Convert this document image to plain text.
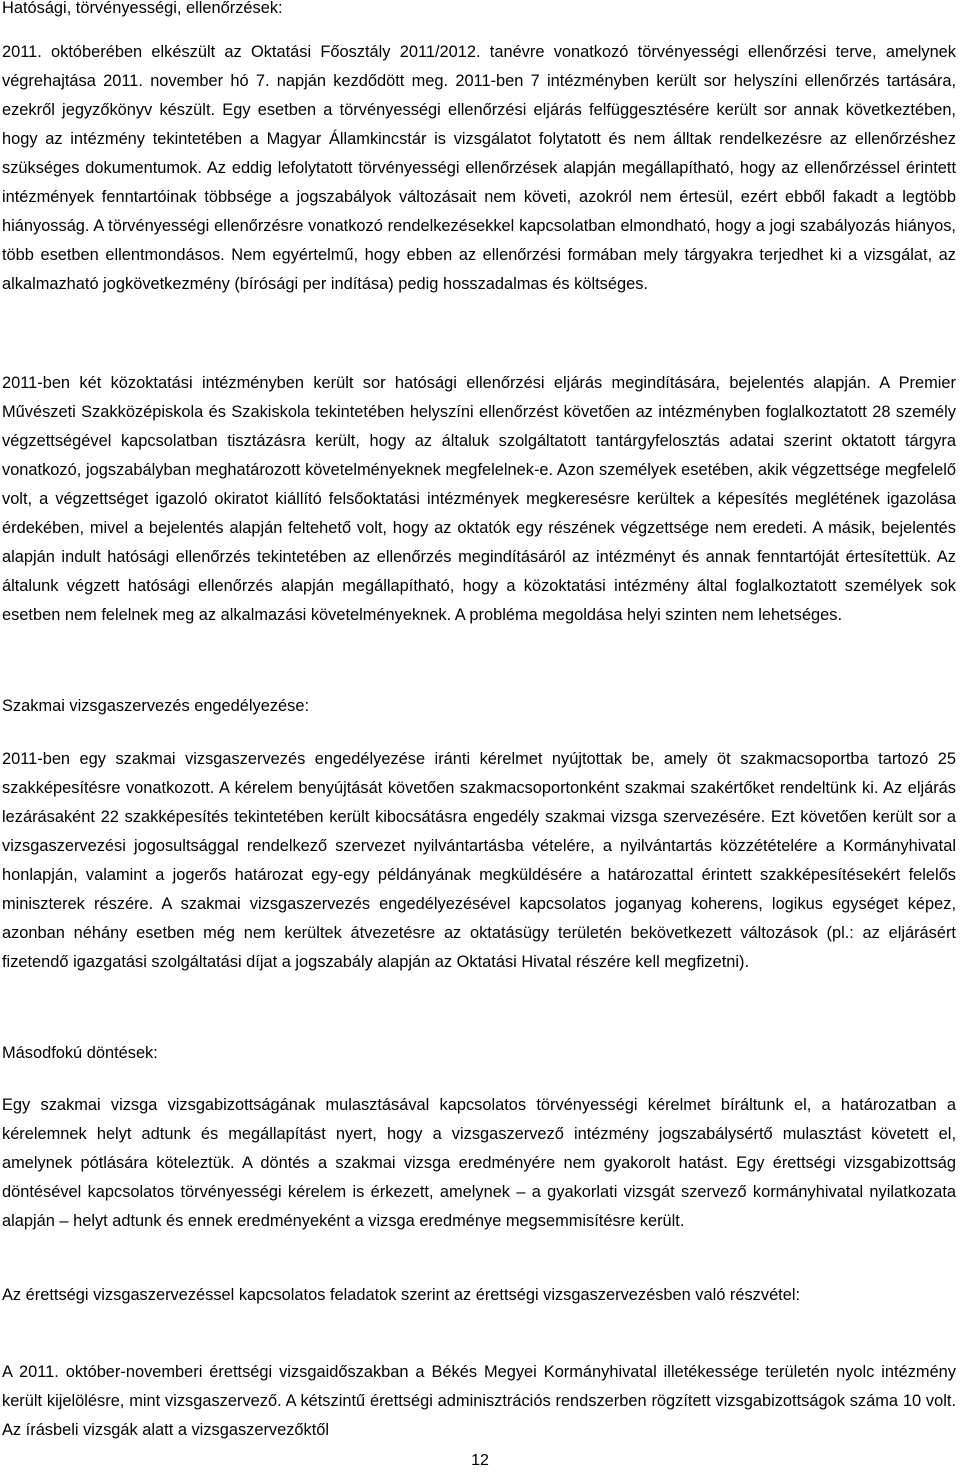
Hatósági, törvényességi, ellenőrzések:

2011. októberében elkészült az Oktatási Főosztály 2011/2012. tanévre vonatkozó törvényességi ellenőrzési terve, amelynek végrehajtása 2011. november hó 7. napján kezdődött meg. 2011-ben 7 intézményben került sor helyszíni ellenőrzés tartására, ezekről jegyzőkönyv készült. Egy esetben a törvényességi ellenőrzési eljárás felfüggesztésére került sor annak következtében, hogy az intézmény tekintetében a Magyar Államkincstár is vizsgálatot folytatott és nem álltak rendelkezésre az ellenőrzéshez szükséges dokumentumok. Az eddig lefolytatott törvényességi ellenőrzések alapján megállapítható, hogy az ellenőrzéssel érintett intézmények fenntartóinak többsége a jogszabályok változásait nem követi, azokról nem értesül, ezért ebből fakadt a legtöbb hiányosság. A törvényességi ellenőrzésre vonatkozó rendelkezésekkel kapcsolatban elmondható, hogy a jogi szabályozás hiányos, több esetben ellentmondásos. Nem egyértelmű, hogy ebben az ellenőrzési formában mely tárgyakra terjedhet ki a vizsgálat, az alkalmazható jogkövetkezmény (bírósági per indítása) pedig hosszadalmas és költséges.

2011-ben két közoktatási intézményben került sor hatósági ellenőrzési eljárás megindítására, bejelentés alapján. A Premier Művészeti Szakközépiskola és Szakiskola tekintetében helyszíni ellenőrzést követően az intézményben foglalkoztatott 28 személy végzettségével kapcsolatban tisztázásra került, hogy az általuk szolgáltatott tantárgyfelosztás adatai szerint oktatott tárgyra vonatkozó, jogszabályban meghatározott követelményeknek megfelelnek-e. Azon személyek esetében, akik végzettsége megfelelő volt, a végzettséget igazoló okiratot kiállító felsőoktatási intézmények megkeresésre kerültek a képesítés meglétének igazolása érdekében, mivel a bejelentés alapján feltehető volt, hogy az oktatók egy részének végzettsége nem eredeti. A másik, bejelentés alapján indult hatósági ellenőrzés tekintetében az ellenőrzés megindításáról az intézményt és annak fenntartóját értesítettük. Az általunk végzett hatósági ellenőrzés alapján megállapítható, hogy a közoktatási intézmény által foglalkoztatott személyek sok esetben nem felelnek meg az alkalmazási követelményeknek. A probléma megoldása helyi szinten nem lehetséges.

Szakmai vizsgaszervezés engedélyezése:

2011-ben egy szakmai vizsgaszervezés engedélyezése iránti kérelmet nyújtottak be, amely öt szakmacsoportba tartozó 25 szakképesítésre vonatkozott. A kérelem benyújtását követően szakmacsoportonként szakmai szakértőket rendeltünk ki. Az eljárás lezárásaként 22 szakképesítés tekintetében került kibocsátásra engedély szakmai vizsga szervezésére. Ezt követően került sor a vizsgaszervezési jogosultsággal rendelkező szervezet nyilvántartásba vételére, a nyilvántartás közzétételére a Kormányhivatal honlapján, valamint a jogerős határozat egy-egy példányának megküldésére a határozattal érintett szakképesítésekért felelős miniszterek részére. A szakmai vizsgaszervezés engedélyezésével kapcsolatos joganyag koherens, logikus egységet képez, azonban néhány esetben még nem kerültek átvezetésre az oktatásügy területén bekövetkezett változások (pl.: az eljárásért fizetendő igazgatási szolgáltatási díjat a jogszabály alapján az Oktatási Hivatal részére kell megfizetni).

Másodfokú döntések:

Egy szakmai vizsga vizsgabizottságának mulasztásával kapcsolatos törvényességi kérelmet bíráltunk el, a határozatban a kérelemnek helyt adtunk és megállapítást nyert, hogy a vizsgaszervező intézmény jogszabálysértő mulasztást követett el, amelynek pótlására köteleztük. A döntés a szakmai vizsga eredményére nem gyakorolt hatást. Egy érettségi vizsgabizottság döntésével kapcsolatos törvényességi kérelem is érkezett, amelynek – a gyakorlati vizsgát szervező kormányhivatal nyilatkozata alapján – helyt adtunk és ennek eredményeként a vizsga eredménye megsemmisítésre került.

Az érettségi vizsgaszervezéssel kapcsolatos feladatok szerint az érettségi vizsgaszervezésben való részvétel:

A 2011. október-novemberi érettségi vizsgaidőszakban a Békés Megyei Kormányhivatal illetékessége területén nyolc intézmény került kijelölésre, mint vizsgaszervező. A kétszintű érettségi adminisztrációs rendszerben rögzített vizsgabizottságok száma 10 volt. Az írásbeli vizsgák alatt a vizsgaszervezőktől

12
